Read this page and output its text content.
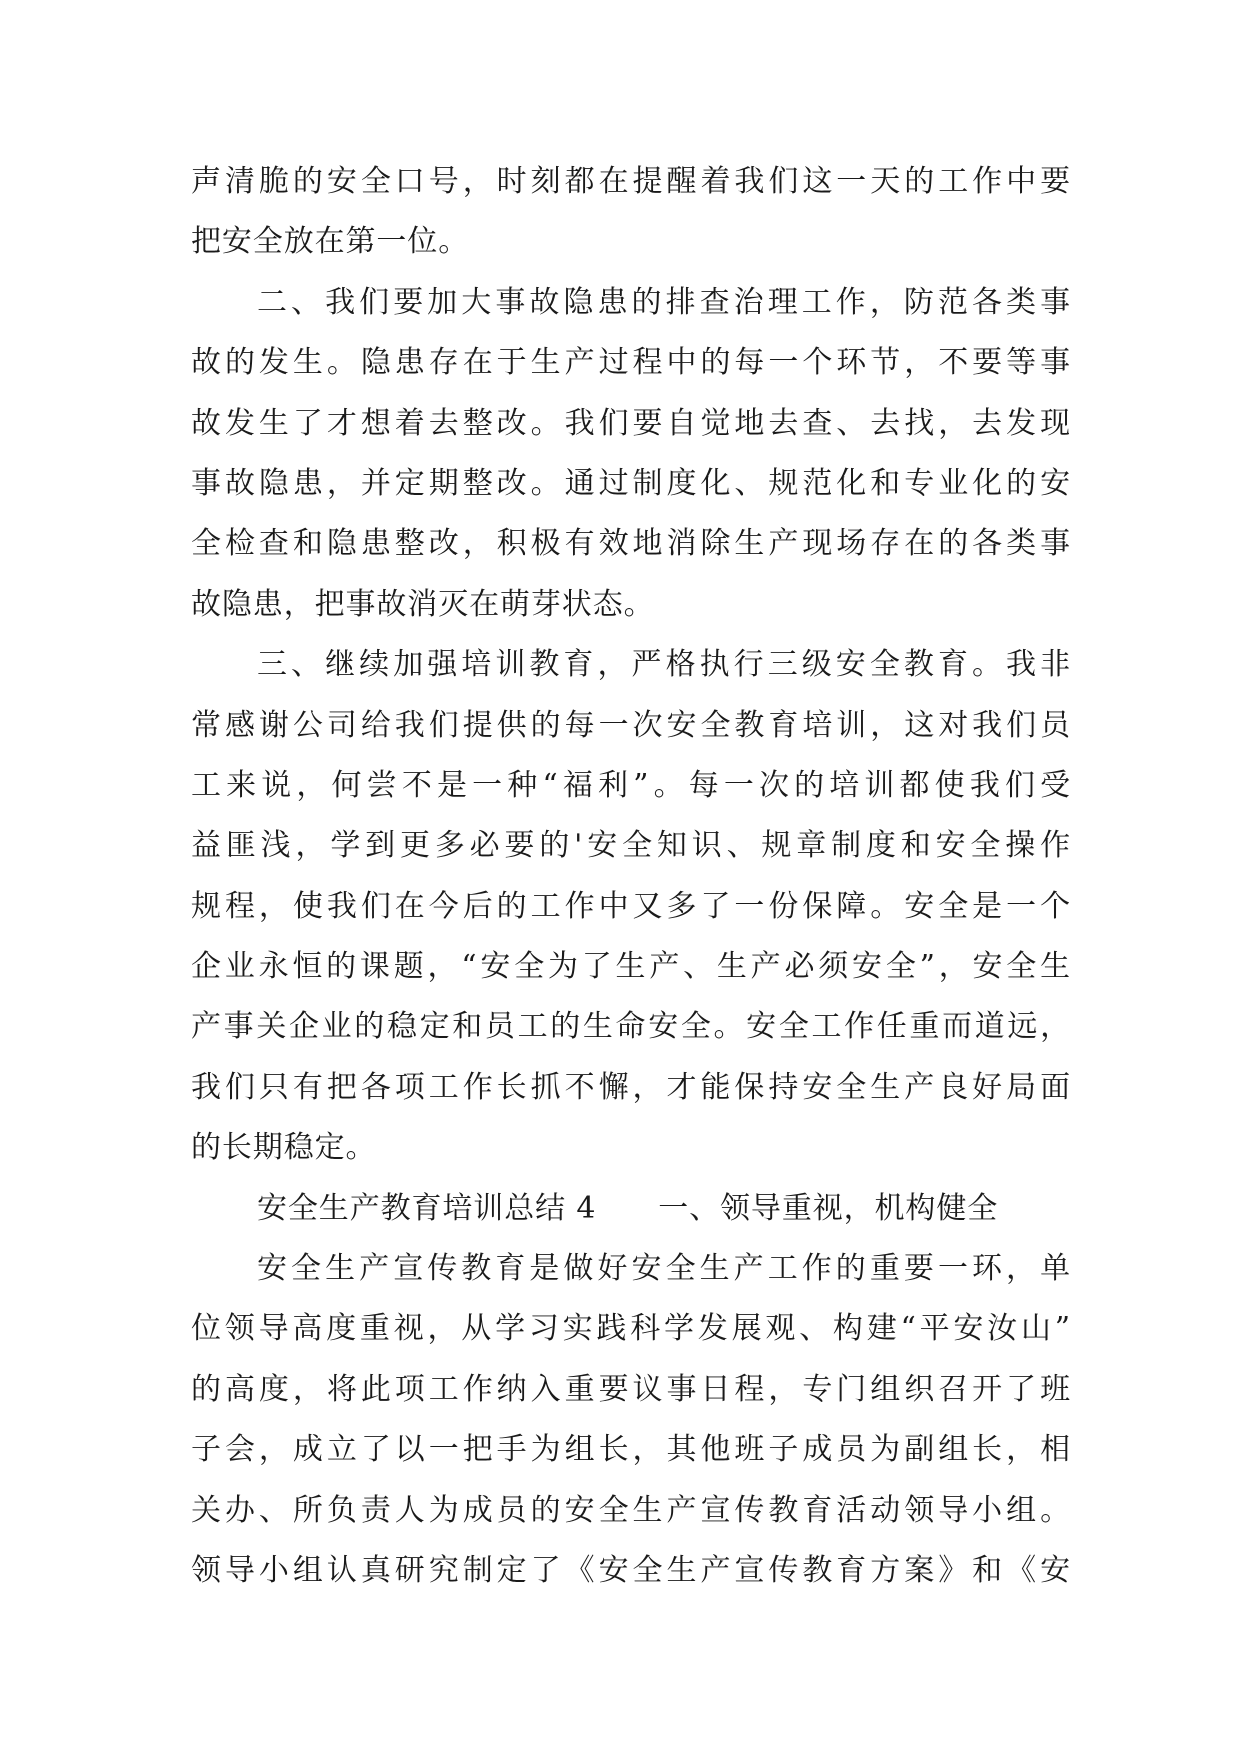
声清脆的安全口号，时刻都在提醒着我们这一天的工作中要
把安全放在第一位。
二、我们要加大事故隐患的排查治理工作，防范各类事
故的发生。隐患存在于生产过程中的每一个环节，不要等事
故发生了才想着去整改。我们要自觉地去查、去找，去发现
事故隐患，并定期整改。通过制度化、规范化和专业化的安
全检查和隐患整改，积极有效地消除生产现场存在的各类事
故隐患，把事故消灭在萌芽状态。
三、继续加强培训教育，严格执行三级安全教育。我非
常感谢公司给我们提供的每一次安全教育培训，这对我们员
工来说，何尝不是一种“福利”。每一次的培训都使我们受
益匪浅，学到更多必要的'安全知识、规章制度和安全操作
规程，使我们在今后的工作中又多了一份保障。安全是一个
企业永恒的课题，“安全为了生产、生产必须安全”，安全生
产事关企业的稳定和员工的生命安全。安全工作任重而道远，
我们只有把各项工作长抓不懈，才能保持安全生产良好局面
的长期稳定。
安全生产教育培训总结 4　　一、领导重视，机构健全
安全生产宣传教育是做好安全生产工作的重要一环，单
位领导高度重视，从学习实践科学发展观、构建“平安汝山”
的高度，将此项工作纳入重要议事日程，专门组织召开了班
子会，成立了以一把手为组长，其他班子成员为副组长，相
关办、所负责人为成员的安全生产宣传教育活动领导小组。
领导小组认真研究制定了《安全生产宣传教育方案》和《安
